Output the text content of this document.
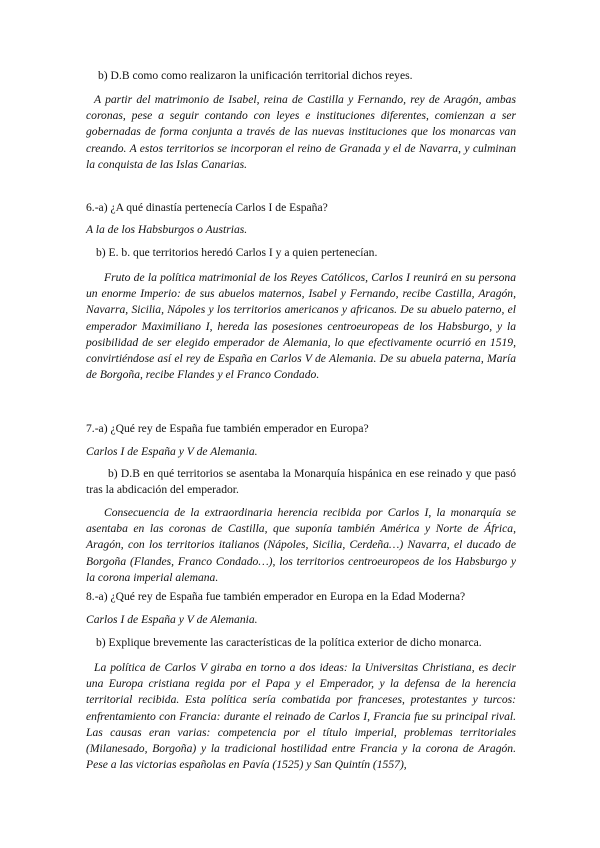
b) D.B como como realizaron la unificación territorial dichos reyes.

A partir del matrimonio de Isabel, reina de Castilla y Fernando, rey de Aragón, ambas coronas, pese a seguir contando con leyes e instituciones diferentes, comienzan a ser gobernadas de forma conjunta a través de las nuevas instituciones que los monarcas van creando. A estos territorios se incorporan el reino de Granada y el de Navarra, y culminan la conquista de las Islas Canarias.

6.-a) ¿A qué dinastía pertenecía Carlos I de España?

A la de los Habsburgos o Austrias.

b) E. b. que territorios heredó Carlos I y a quien pertenecían.

Fruto de la política matrimonial de los Reyes Católicos, Carlos I reunirá en su persona un enorme Imperio: de sus abuelos maternos, Isabel y Fernando, recibe Castilla, Aragón, Navarra, Sicilia, Nápoles y los territorios americanos y africanos. De su abuelo paterno, el emperador Maximiliano I, hereda las posesiones centroeuropeas de los Habsburgo, y la posibilidad de ser elegido emperador de Alemania, lo que efectivamente ocurrió en 1519, convirtiéndose así el rey de España en Carlos V de Alemania. De su abuela paterna, María de Borgoña, recibe Flandes y el Franco Condado.

7.-a) ¿Qué rey de España fue también emperador en Europa?

Carlos I de España y V de Alemania.

b) D.B en qué territorios se asentaba la Monarquía hispánica en ese reinado y que pasó tras la abdicación del emperador.

Consecuencia de la extraordinaria herencia recibida por Carlos I, la monarquía se asentaba en las coronas de Castilla, que suponía también América y Norte de África, Aragón, con los territorios italianos (Nápoles, Sicilia, Cerdeña…) Navarra, el ducado de Borgoña (Flandes, Franco Condado…), los territorios centroeuropeos de los Habsburgo y la corona imperial alemana.

8.-a) ¿Qué rey de España fue también emperador en Europa en la Edad Moderna?

Carlos I de España y V de Alemania.

b) Explique brevemente las características de la política exterior de dicho monarca.

La política de Carlos V giraba en torno a dos ideas: la Universitas Christiana, es decir una Europa cristiana regida por el Papa y el Emperador, y la defensa de la herencia territorial recibida. Esta política sería combatida por franceses, protestantes y turcos: enfrentamiento con Francia: durante el reinado de Carlos I, Francia fue su principal rival. Las causas eran varias: competencia por el título imperial, problemas territoriales (Milanesado, Borgoña) y la tradicional hostilidad entre Francia y la corona de Aragón. Pese a las victorias españolas en Pavía (1525) y San Quintín (1557),
